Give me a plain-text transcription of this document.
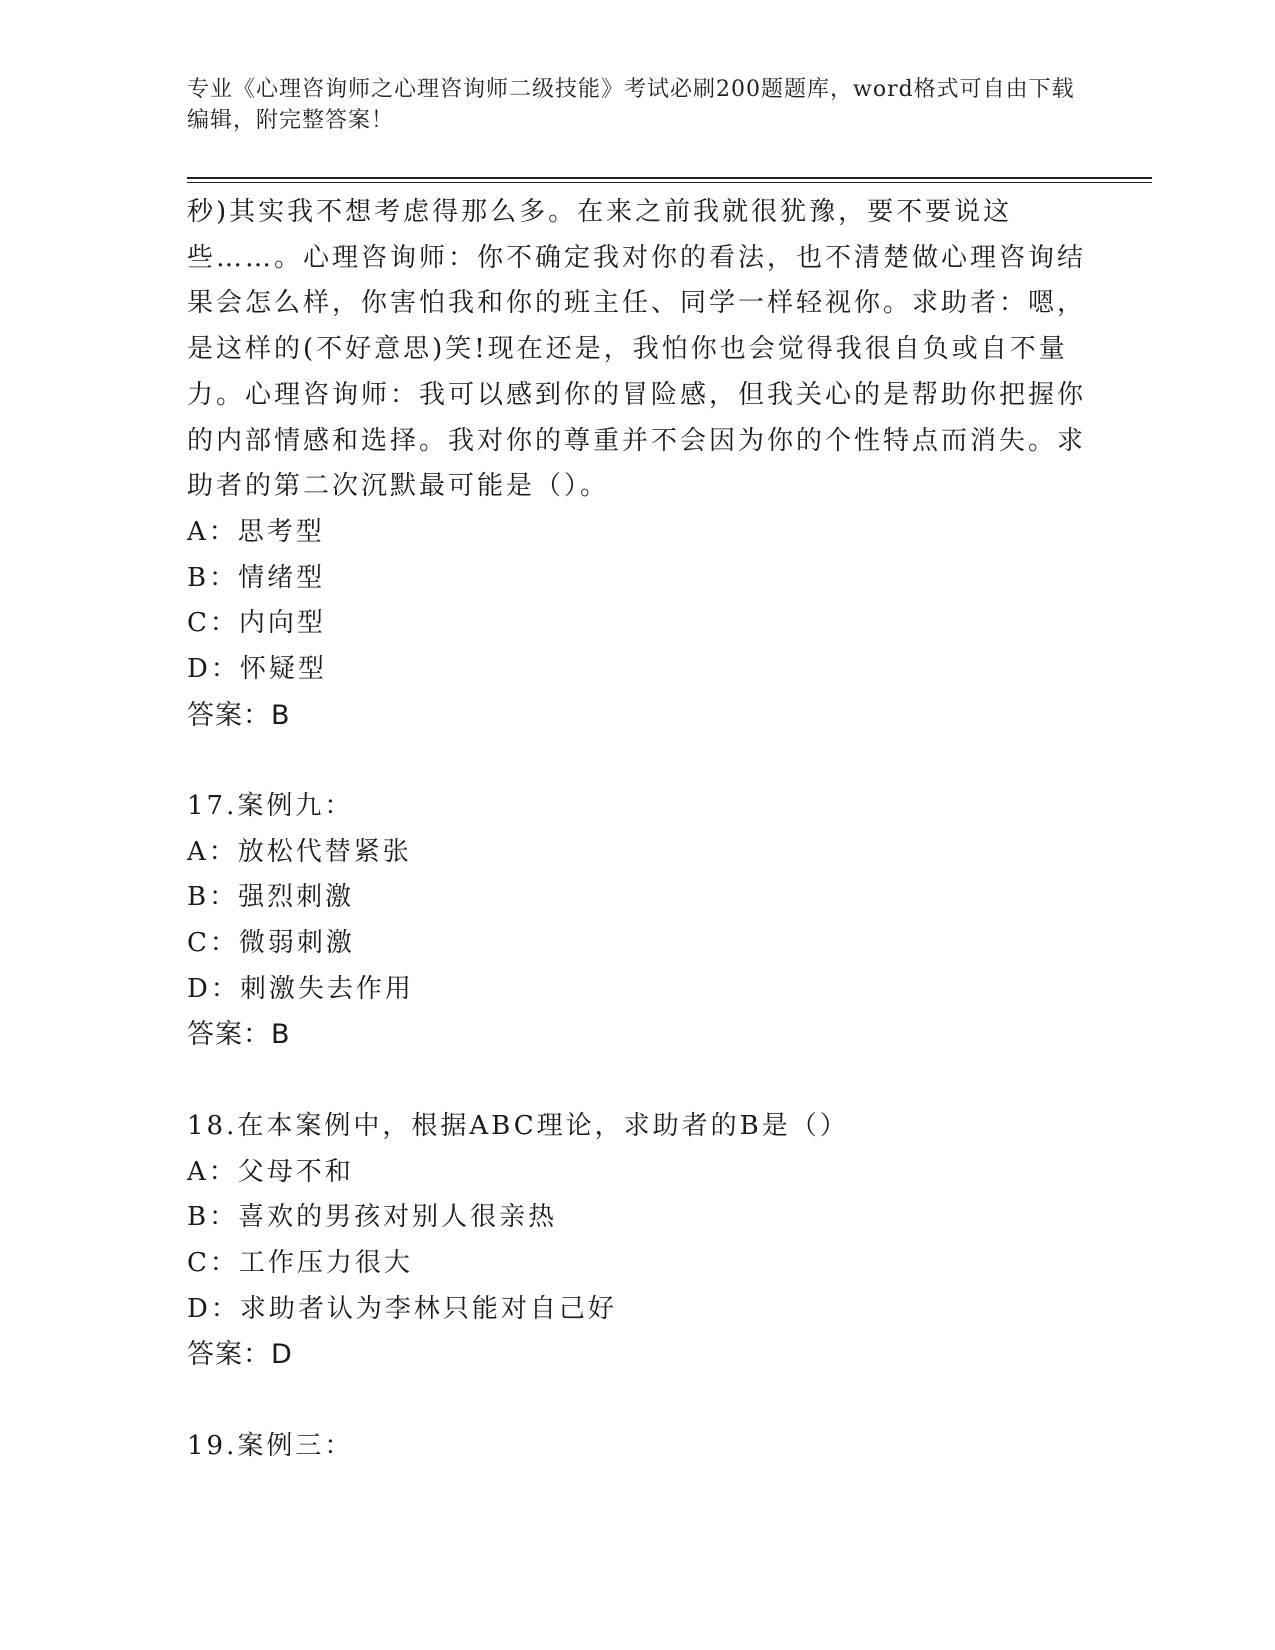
专业《心理咨询师之心理咨询师二级技能》考试必刷200题题库，word格式可自由下载编辑，附完整答案！
秒)其实我不想考虑得那么多。在来之前我就很犹豫，要不要说这些……。心理咨询师：你不确定我对你的看法，也不清楚做心理咨询结果会怎么样，你害怕我和你的班主任、同学一样轻视你。求助者：嗯，是这样的(不好意思)笑!现在还是，我怕你也会觉得我很自负或自不量力。心理咨询师：我可以感到你的冒险感，但我关心的是帮助你把握你的内部情感和选择。我对你的尊重并不会因为你的个性特点而消失。求助者的第二次沉默最可能是（）。
A：思考型
B：情绪型
C：内向型
D：怀疑型
答案：B
17.案例九：
A：放松代替紧张
B：强烈刺激
C：微弱刺激
D：刺激失去作用
答案：B
18.在本案例中，根据ABC理论，求助者的B是（）
A：父母不和
B：喜欢的男孩对别人很亲热
C：工作压力很大
D：求助者认为李林只能对自己好
答案：D
19.案例三：
